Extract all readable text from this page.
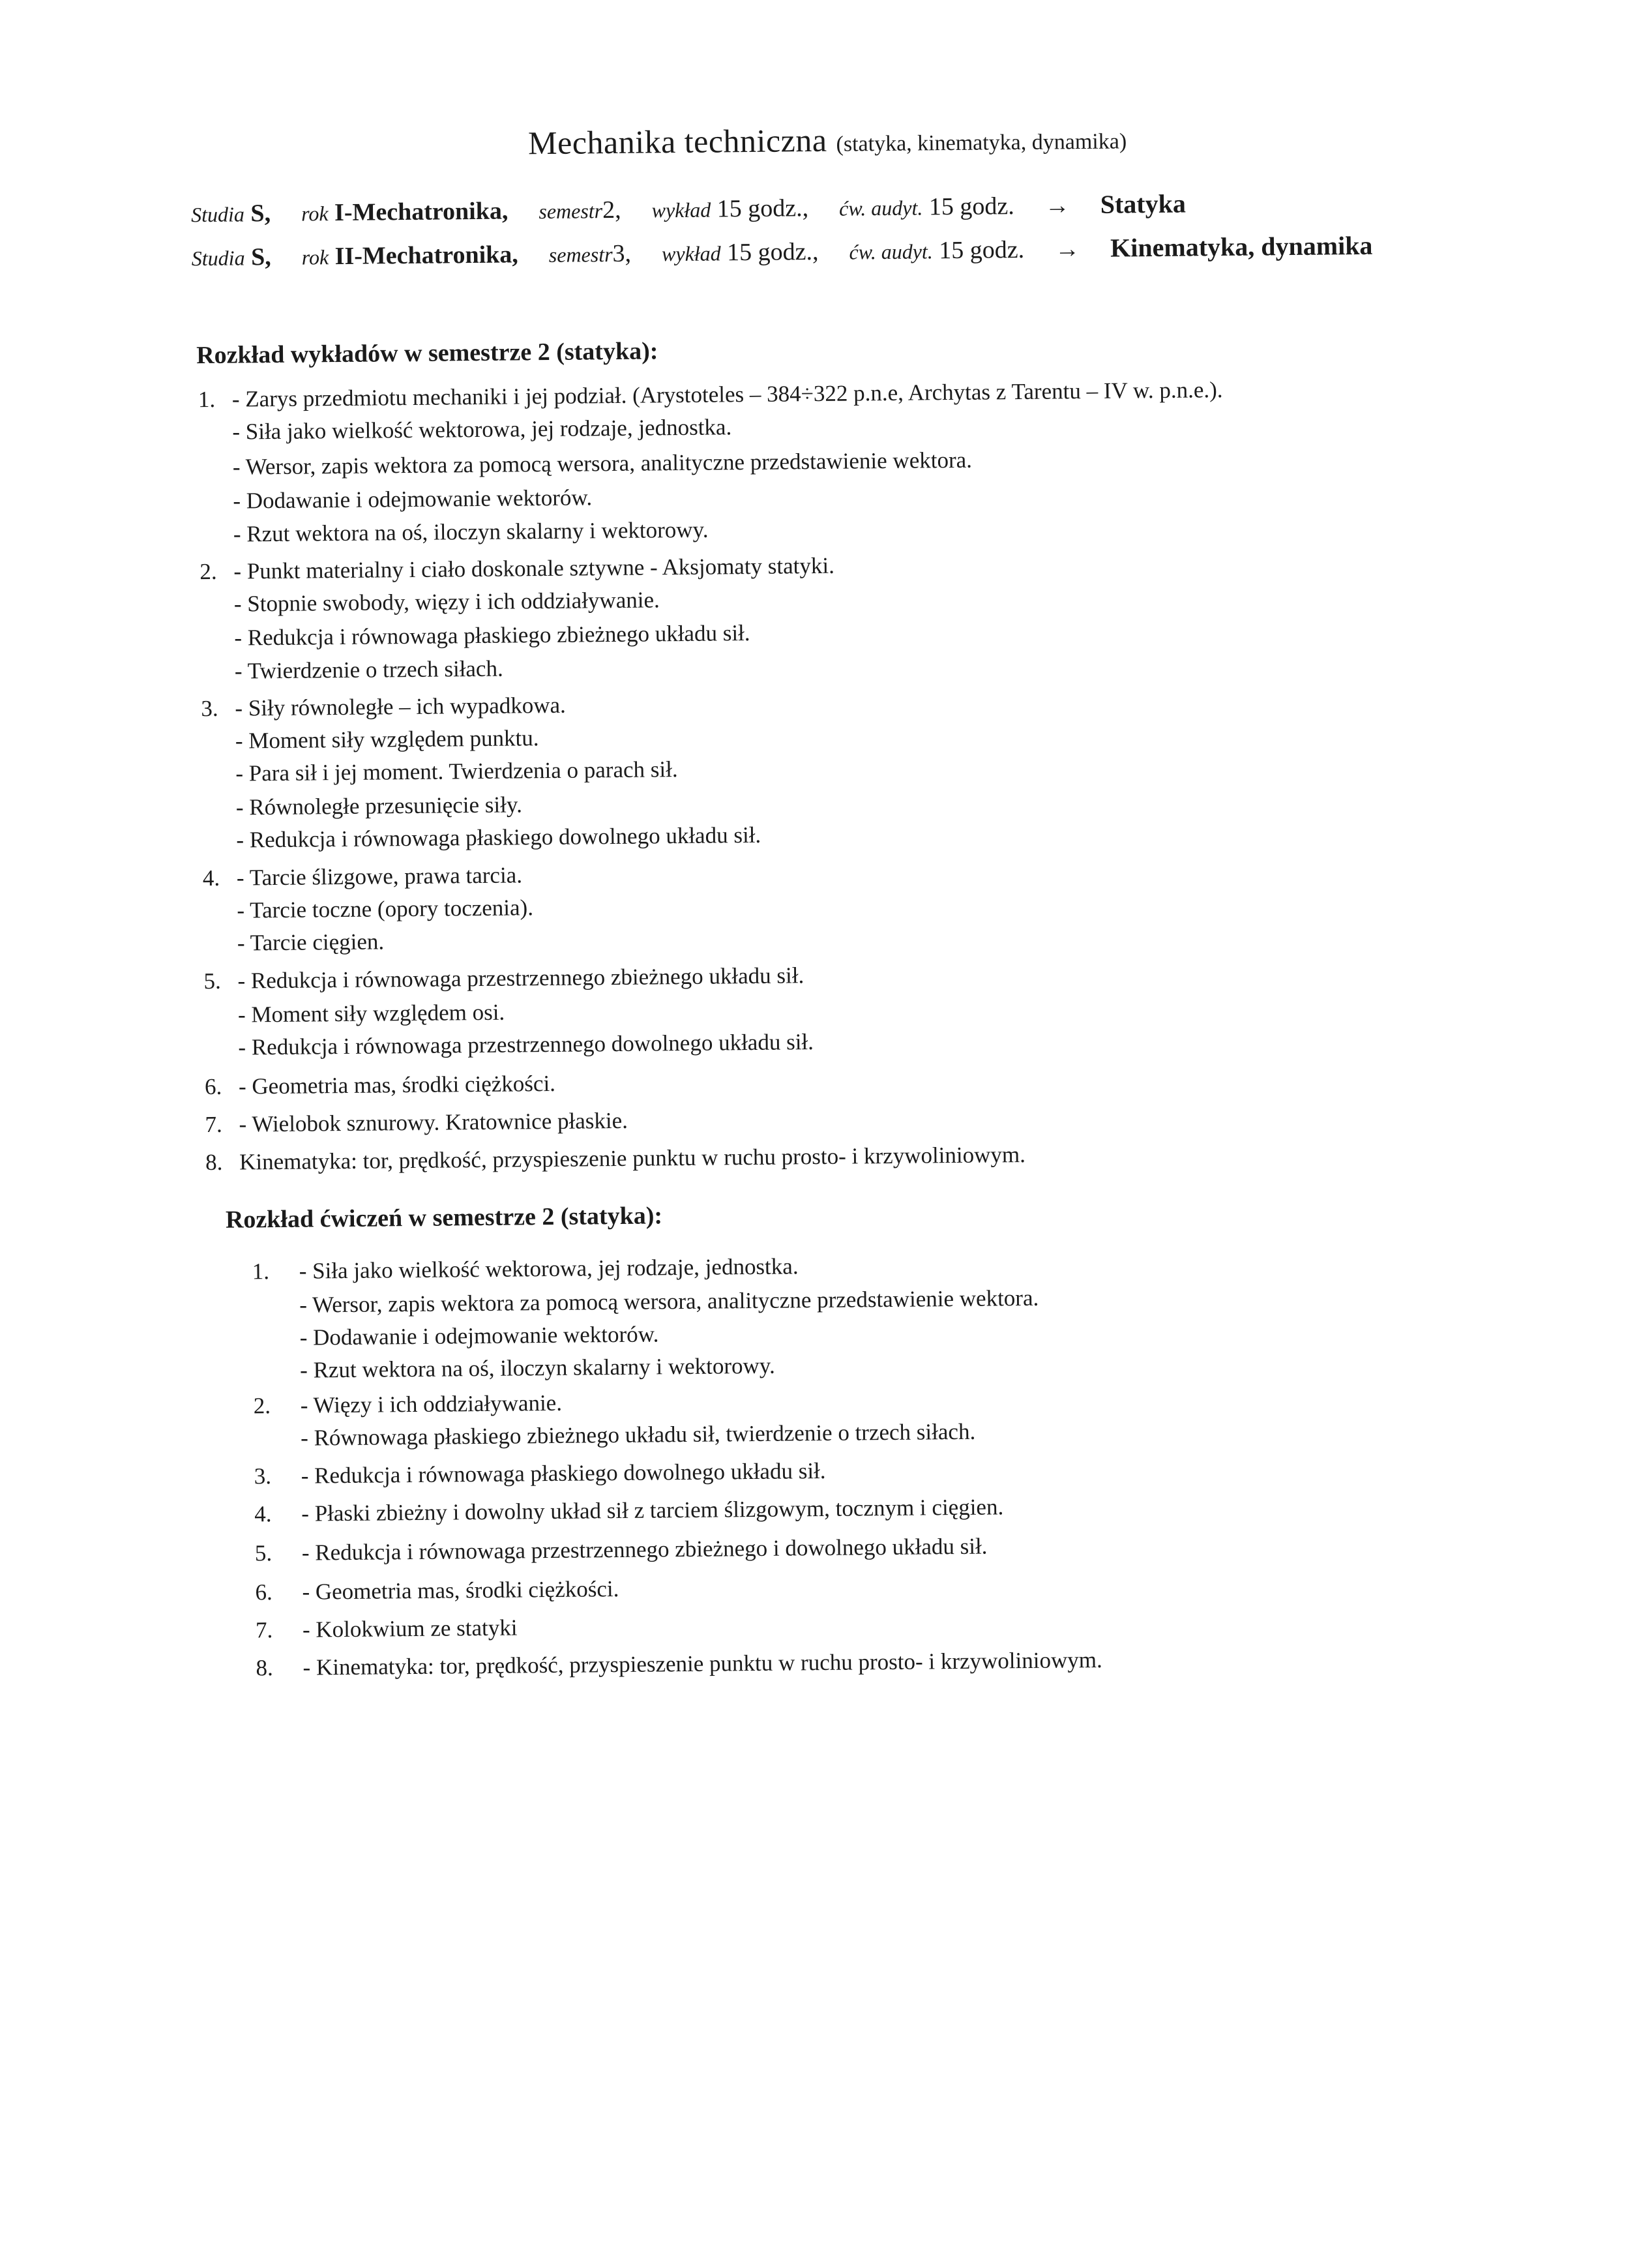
Mechanika techniczna (statyka, kinematyka, dynamika)
Studia S, rok I-Mechatronika, semestr2, wykład 15 godz., ćw. audyt. 15 godz. → Statyka
Studia S, rok II-Mechatronika, semestr3, wykład 15 godz., ćw. audyt. 15 godz. → Kinematyka, dynamika
Rozkład wykładów w semestrze 2 (statyka):
1. - Zarys przedmiotu mechaniki i jej podział. (Arystoteles – 384÷322 p.n.e, Archytas z Tarentu – IV w. p.n.e.).
- Siła jako wielkość wektorowa, jej rodzaje, jednostka.
- Wersor, zapis wektora za pomocą wersora, analityczne przedstawienie wektora.
- Dodawanie i odejmowanie wektorów.
- Rzut wektora na oś, iloczyn skalarny i wektorowy.
2. - Punkt materialny i ciało doskonale sztywne - Aksjomaty statyki.
- Stopnie swobody, więzy i ich oddziaływanie.
- Redukcja i równowaga płaskiego zbieżnego układu sił.
- Twierdzenie o trzech siłach.
3. - Siły równoległe – ich wypadkowa.
- Moment siły względem punktu.
- Para sił i jej moment. Twierdzenia o parach sił.
- Równoległe przesunięcie siły.
- Redukcja i równowaga płaskiego dowolnego układu sił.
4. - Tarcie ślizgowe, prawa tarcia.
- Tarcie toczne (opory toczenia).
- Tarcie cięgien.
5. - Redukcja i równowaga przestrzennego zbieżnego układu sił.
- Moment siły względem osi.
- Redukcja i równowaga przestrzennego dowolnego układu sił.
6. - Geometria mas, środki ciężkości.
7. - Wielobok sznurowy. Kratownice płaskie.
8. Kinematyka: tor, prędkość, przyspieszenie punktu w ruchu prosto- i krzywoliniowym.
Rozkład ćwiczeń w semestrze 2 (statyka):
1. - Siła jako wielkość wektorowa, jej rodzaje, jednostka.
- Wersor, zapis wektora za pomocą wersora, analityczne przedstawienie wektora.
- Dodawanie i odejmowanie wektorów.
- Rzut wektora na oś, iloczyn skalarny i wektorowy.
2. - Więzy i ich oddziaływanie.
- Równowaga płaskiego zbieżnego układu sił, twierdzenie o trzech siłach.
3. - Redukcja i równowaga płaskiego dowolnego układu sił.
4. - Płaski zbieżny i dowolny układ sił z tarciem ślizgowym, tocznym i cięgien.
5. - Redukcja i równowaga przestrzennego zbieżnego i dowolnego układu sił.
6. - Geometria mas, środki ciężkości.
7. - Kolokwium ze statyki
8. - Kinematyka: tor, prędkość, przyspieszenie punktu w ruchu prosto- i krzywoliniowym.
